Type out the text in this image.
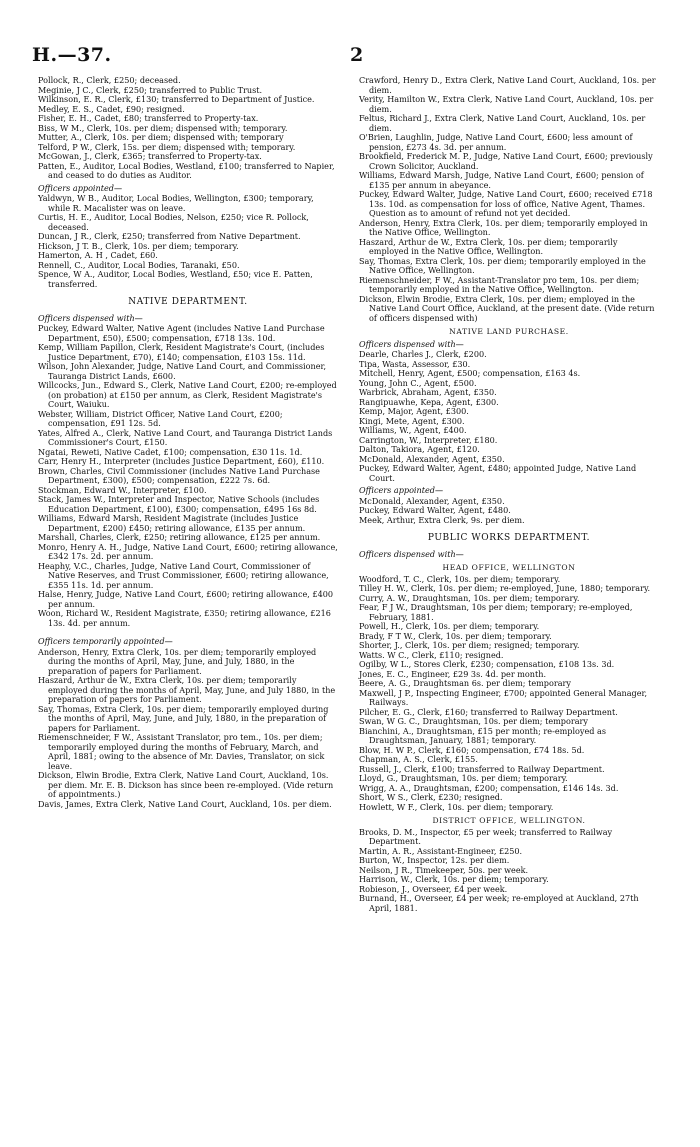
H.—37.	2

Pollock, R., Clerk, £250; deceased.

Meginie, J C., Clerk, £250; transferred to Public Trust.

Wilkinson, E. R., Clerk, £130; transferred to Department of Justice.

Medley, E. S., Cadet, £90; resigned.

Fisher, E. H., Cadet, £80; transferred to Property-tax.

Biss, W M., Clerk, 10s. per diem; dispensed with; temporary.

Mutter, A., Clerk, 10s. per diem; dispensed with; temporary

Telford, P W., Clerk, 15s. per diem; dispensed with; temporary.

McGowan, J., Clerk, £365; transferred to Property-tax.

Patten, E., Auditor, Local Bodies, Westland, £100; transferred to Napier, and ceased to do duties as Auditor.

Officers appointed—

Yaldwyn, W B., Auditor, Local Bodies, Wellington, £300; temporary, while R. Macalister was on leave.

Curtis, H. E., Auditor, Local Bodies, Nelson, £250; vice R. Pollock, deceased.

Duncan, J R., Clerk, £250; transferred from Native Department.

Hickson, J T. B., Clerk, 10s. per diem; temporary.

Hamerton, A. H , Cadet, £60.

Rennell, C., Auditor, Local Bodies, Taranaki, £50.

Spence, W A., Auditor, Local Bodies, Westland, £50; vice E. Patten, transferred.

NATIVE DEPARTMENT.

Officers dispensed with—

Puckey, Edward Walter, Native Agent (includes Native Land Purchase Department, £50), £500; compensation, £718 13s. 10d.

Kemp, William Papillon, Clerk, Resident Magistrate's Court, (includes Justice Department, £70), £140; compensation, £103 15s. 11d.

Wilson, John Alexander, Judge, Native Land Court, and Commissioner, Tauranga District Lands, £600.

Willcocks, Jun., Edward S., Clerk, Native Land Court, £200; re-employed (on probation) at £150 per annum, as Clerk, Resident Magistrate's Court, Waiuku.

Webster, William, District Officer, Native Land Court, £200; compensation, £91 12s. 5d.

Yates, Alfred A., Clerk, Native Land Court, and Tauranga District Lands Commissioner's Court, £150.

Ngatai, Reweti, Native Cadet, £100; compensation, £30 11s. 1d.

Carr, Henry H., Interpreter (includes Justice Department, £60), £110.

Brown, Charles, Civil Commissioner (includes Native Land Purchase Department, £300), £500; compensation, £222 7s. 6d.

Stockman, Edward W., Interpreter, £100.

Stack, James W., Interpreter and Inspector, Native Schools (includes Education Department, £100), £300; compensation, £495 16s 8d.

Williams, Edward Marsh, Resident Magistrate (includes Justice Department, £200) £450; retiring allowance, £135 per annum.

Marshall, Charles, Clerk, £250; retiring allowance, £125 per annum.

Monro, Henry A. H., Judge, Native Land Court, £600; retiring allowance, £342 17s. 2d. per annum.

Heaphy, V.C., Charles, Judge, Native Land Court, Commissioner of Native Reserves, and Trust Commissioner, £600; retiring allowance, £355 11s. 1d. per annum.

Halse, Henry, Judge, Native Land Court, £600; retiring allowance, £400 per annum.

Woon, Richard W., Resident Magistrate, £350; retiring allowance, £216 13s. 4d. per annum.

Officers temporarily appointed—

Anderson, Henry, Extra Clerk, 10s. per diem; temporarily employed during the months of April, May, June, and July, 1880, in the preparation of papers for Parliament.

Haszard, Arthur de W., Extra Clerk, 10s. per diem; temporarily employed during the months of April, May, June, and July 1880, in the preparation of papers for Parliament.

Say, Thomas, Extra Clerk, 10s. per diem; temporarily employed during the months of April, May, June, and July, 1880, in the preparation of papers for Parliament.

Riemenschneider, F W., Assistant Translator, pro tem., 10s. per diem; temporarily employed during the months of February, March, and April, 1881; owing to the absence of Mr. Davies, Translator, on sick leave.

Dickson, Elwin Brodie, Extra Clerk, Native Land Court, Auckland, 10s. per diem. Mr. E. B. Dickson has since been re-employed. (Vide return of appointments.)

Davis, James, Extra Clerk, Native Land Court, Auckland, 10s. per diem.

Crawford, Henry D., Extra Clerk, Native Land Court, Auckland, 10s. per diem.

Verity, Hamilton W., Extra Clerk, Native Land Court, Auckland, 10s. per diem.

Feltus, Richard J., Extra Clerk, Native Land Court, Auckland, 10s. per diem.

O'Brien, Laughlin, Judge, Native Land Court, £600; less amount of pension, £273 4s. 3d. per annum.

Brookfield, Frederick M. P., Judge, Native Land Court, £600; previously Crown Solicitor, Auckland.

Williams, Edward Marsh, Judge, Native Land Court, £600; pension of £135 per annum in abeyance.

Puckey, Edward Walter, Judge, Native Land Court, £600; received £718 13s. 10d. as compensation for loss of office, Native Agent, Thames. Question as to amount of refund not yet decided.

Anderson, Henry, Extra Clerk, 10s. per diem; temporarily employed in the Native Office, Wellington.

Haszard, Arthur de W., Extra Clerk, 10s. per diem; temporarily employed in the Native Office, Wellington.

Say, Thomas, Extra Clerk, 10s. per diem; temporarily employed in the Native Office, Wellington.

Riemenschneider, F W., Assistant-Translator pro tem, 10s. per diem; temporarily employed in the Native Office, Wellington.

Dickson, Elwin Brodie, Extra Clerk, 10s. per diem; employed in the Native Land Court Office, Auckland, at the present date. (Vide return of officers dispensed with)

NATIVE LAND PURCHASE.

Officers dispensed with—

Dearle, Charles J., Clerk, £200.

Tipa, Wasta, Assessor, £30.

Mitchell, Henry, Agent, £500; compensation, £163 4s.

Young, John C., Agent, £500.

Warbrick, Abraham, Agent, £350.

Rangipuawhe, Kepa, Agent, £300.

Kemp, Major, Agent, £300.

Kingi, Mete, Agent, £300.

Williams, W., Agent, £400.

Carrington, W., Interpreter, £180.

Dalton, Takiora, Agent, £120.

McDonald, Alexander, Agent, £350.

Puckey, Edward Walter, Agent, £480; appointed Judge, Native Land Court.

Officers appointed—

McDonald, Alexander, Agent, £350.

Puckey, Edward Walter, Agent, £480.

Meek, Arthur, Extra Clerk, 9s. per diem.

PUBLIC WORKS DEPARTMENT.

Officers dispensed with—

HEAD OFFICE, WELLINGTON

Woodford, T. C., Clerk, 10s. per diem; temporary.

Tilley H. W., Clerk, 10s. per diem; re-employed, June, 1880; temporary.

Curry, A. W., Draughtsman, 10s. per diem; temporary.

Fear, F J W., Draughtsman, 10s per diem; temporary; re-employed, February, 1881.

Powell, H., Clerk, 10s. per diem; temporary.

Brady, F T W., Clerk, 10s. per diem; temporary.

Shorter, J., Clerk, 10s. per diem; resigned; temporary.

Watts. W C., Clerk, £110; resigned.

Ogilby, W L., Stores Clerk, £230; compensation, £108 13s. 3d.

Jones, E. C., Engineer, £29 3s. 4d. per month.

Beere, A. G., Draughtsman 6s. per diem; temporary

Maxwell, J P., Inspecting Engineer, £700; appointed General Manager, Railways.

Pilcher, E. G., Clerk, £160; transferred to Railway Department.

Swan, W G. C., Draughtsman, 10s. per diem; temporary

Bianchini, A., Draughtsman, £15 per month; re-employed as Draughtsman, January, 1881; temporary.

Blow, H. W P., Clerk, £160; compensation, £74 18s. 5d.

Chapman, A. S., Clerk, £155.

Russell, J., Clerk, £100; transferred to Railway Department.

Lloyd, G., Draughtsman, 10s. per diem; temporary.

Wrigg, A. A., Draughtsman, £200; compensation, £146 14s. 3d.

Short, W S., Clerk, £230; resigned.

Howlett, W F., Clerk, 10s. per diem; temporary.

DISTRICT OFFICE, WELLINGTON.

Brooks, D. M., Inspector, £5 per week; transferred to Railway Department.

Martin, A. R., Assistant-Engineer, £250.

Burton, W., Inspector, 12s. per diem.

Neilson, J R., Timekeeper, 50s. per week.

Harrison, W., Clerk, 10s. per diem; temporary.

Robieson, J., Overseer, £4 per week.

Burnand, H., Overseer, £4 per week; re-employed at Auckland, 27th April, 1881.
